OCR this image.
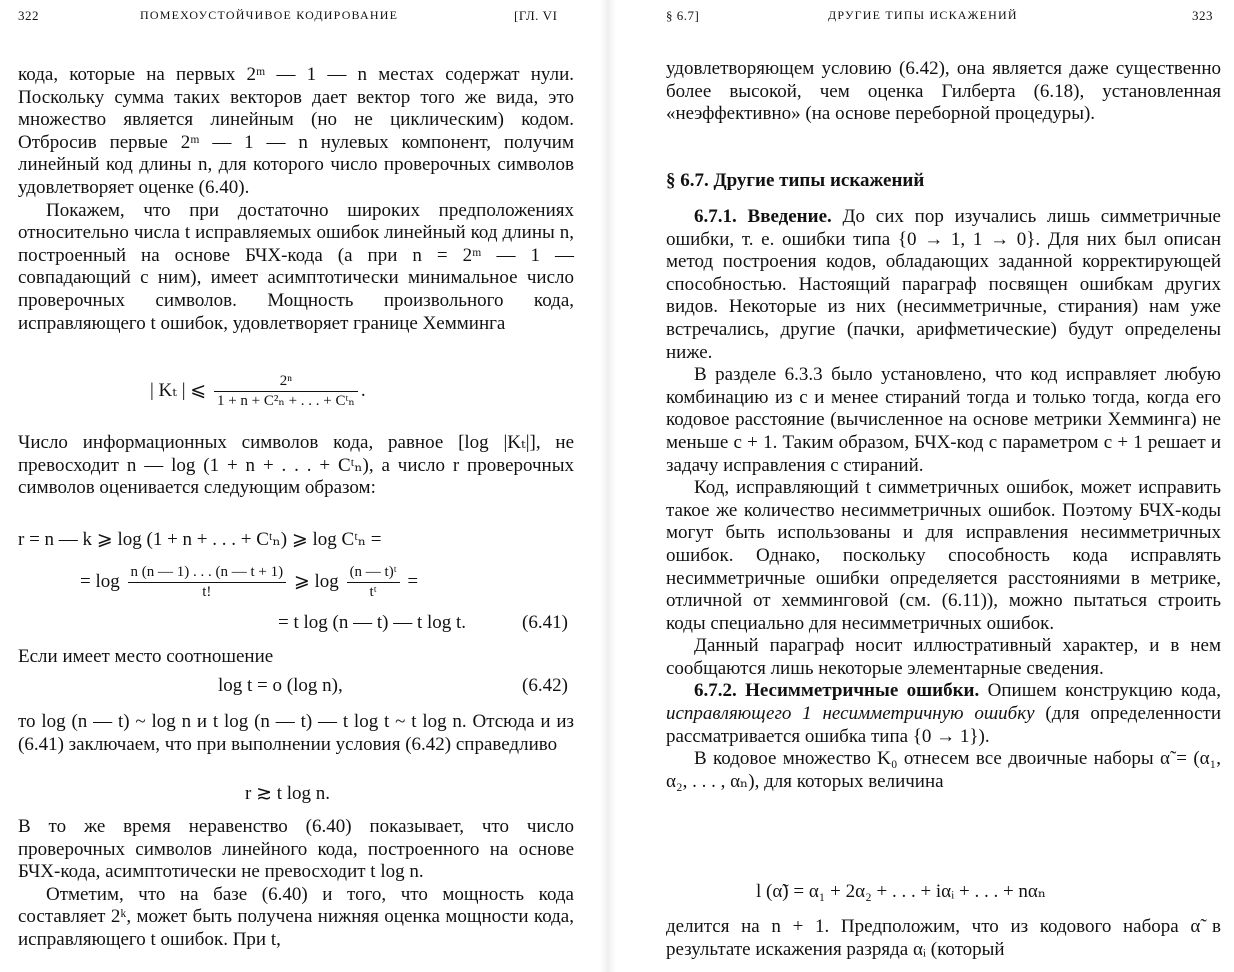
322	ПОМЕХОУСТОЙЧИВОЕ КОДИРОВАНИЕ	[ГЛ. VI

кода, которые на первых 2ᵐ — 1 — n местах содержат нули. Поскольку сумма таких векторов дает вектор того же вида, это множество является линейным (но не циклическим) кодом. Отбросив первые 2ᵐ — 1 — n нулевых компонент, получим линейный код длины n, для которого число проверочных символов удовлетворяет оценке (6.40).

Покажем, что при достаточно широких предположениях относительно числа t исправляемых ошибок линейный код длины n, построенный на основе БЧХ-кода (а при n = 2ᵐ — 1 — совпадающий с ним), имеет асимптотически минимальное число проверочных символов. Мощность произвольного кода, исправляющего t ошибок, удовлетворяет границе Хемминга

| Kₜ | ⩽ $\frac{\text{2ⁿ}}{\text{1 + n + C²ₙ + . . . + Cᵗₙ}}$ .

Число информационных символов кода, равное [log |Kₜ|], не превосходит n — log (1 + n + . . . + Cᵗₙ), а число r проверочных символов оценивается следующим образом:

r = n — k ⩾ log (1 + n + . . . + Cᵗₙ) ⩾ log Cᵗₙ =
= $\log \frac{n (n — 1) . . . (n — t + 1)}{t!}$ ⩾ $\log \frac{\text{(n — t)ᵗ}}{\text{tᵗ}}$ =
= t log (n — t) — t log t.	(6.41)

Если имеет место соотношение

log t = o (log n),	(6.42)

то log (n — t) ~ log n и t log (n — t) — t log t ~ t log n. Отсюда и из (6.41) заключаем, что при выполнении условия (6.42) справедливо

r ≳ t log n.

В то же время неравенство (6.40) показывает, что число проверочных символов линейного кода, построенного на основе БЧХ-кода, асимптотически не превосходит t log n.

Отметим, что на базе (6.40) и того, что мощность кода составляет 2ᵏ, может быть получена нижняя оценка мощности кода, исправляющего t ошибок. При t,

§ 6.7]	ДРУГИЕ ТИПЫ ИСКАЖЕНИЙ	323

удовлетворяющем условию (6.42), она является даже существенно более высокой, чем оценка Гилберта (6.18), установленная «неэффективно» (на основе переборной процедуры).

§ 6.7. Другие типы искажений

6.7.1. Введение. До сих пор изучались лишь симметричные ошибки, т. е. ошибки типа {0 → 1, 1 → 0}. Для них был описан метод построения кодов, обладающих заданной корректирующей способностью. Настоящий параграф посвящен ошибкам других видов. Некоторые из них (несимметричные, стирания) нам уже встречались, другие (пачки, арифметические) будут определены ниже.

В разделе 6.3.3 было установлено, что код исправляет любую комбинацию из c и менее стираний тогда и только тогда, когда его кодовое расстояние (вычисленное на основе метрики Хемминга) не меньше c + 1. Таким образом, БЧХ-код с параметром c + 1 решает и задачу исправления c стираний.

Код, исправляющий t симметричных ошибок, может исправить такое же количество несимметричных ошибок. Поэтому БЧХ-коды могут быть использованы и для исправления несимметричных ошибок. Однако, поскольку способность кода исправлять несимметричные ошибки определяется расстояниями в метрике, отличной от хемминговой (см. (6.11)), можно пытаться строить коды специально для несимметричных ошибок.

Данный параграф носит иллюстративный характер, и в нем сообщаются лишь некоторые элементарные сведения.

6.7.2. Несимметричные ошибки. Опишем конструкцию кода, исправляющего 1 несимметричную ошибку (для определенности рассматривается ошибка типа {0 → 1}).

В кодовое множество K₀ отнесем все двоичные наборы α̃ = (α₁, α₂, . . . , αₙ), для которых величина

l (α̃) = α₁ + 2α₂ + . . . + iαᵢ + . . . + nαₙ

делится на n + 1. Предположим, что из кодового набора α̃ в результате искажения разряда αᵢ (который
